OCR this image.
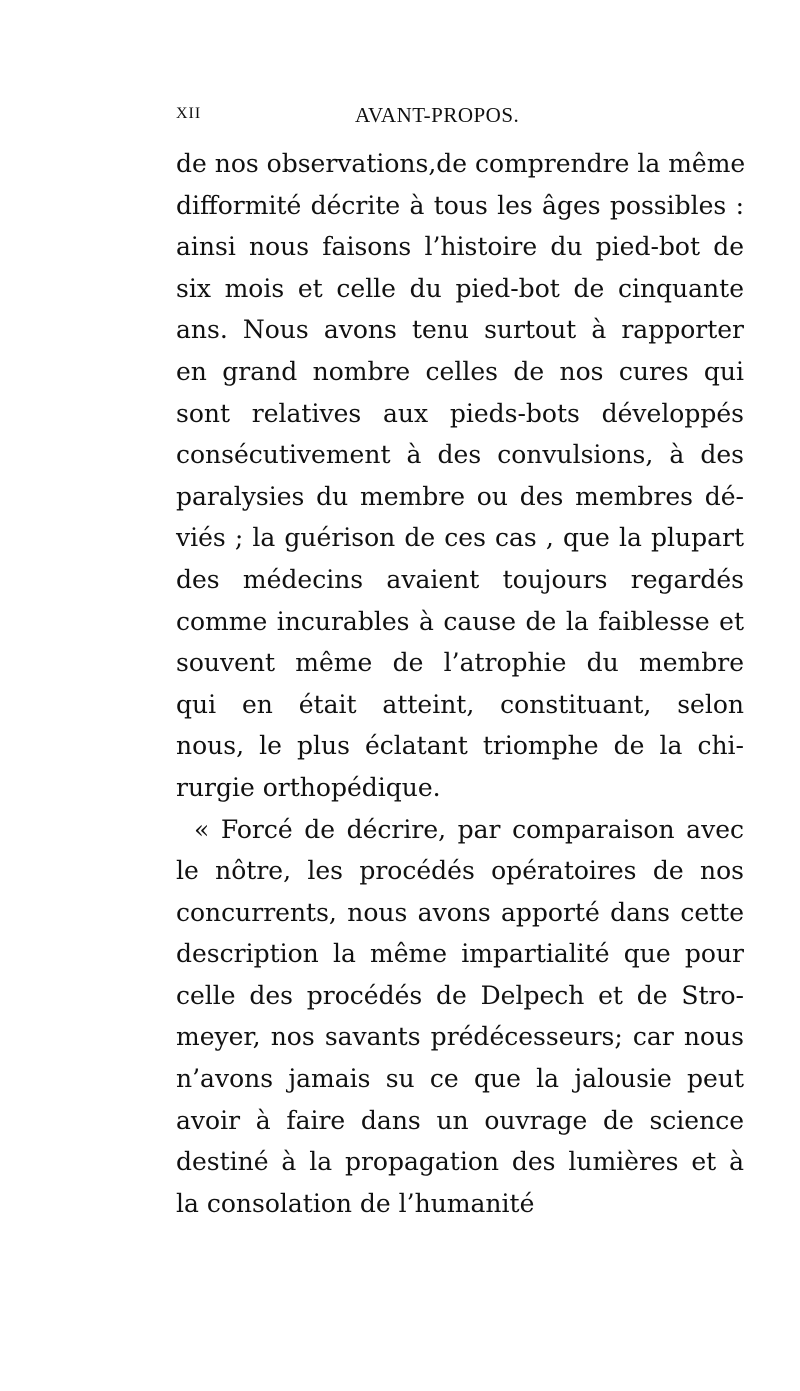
XII	AVANT-PROPOS.
de nos observations,de comprendre la même
difformité décrite à tous les âges possibles :
ainsi nous faisons l’histoire du pied-bot de
six mois et celle du pied-bot de cinquante
ans. Nous avons tenu surtout à rapporter
en grand nombre celles de nos cures qui
sont relatives aux pieds-bots développés
consécutivement à des convulsions, à des
paralysies du membre ou des membres dé-
viés ; la guérison de ces cas , que la plupart
des médecins avaient toujours regardés
comme incurables à cause de la faiblesse et
souvent même de l’atrophie du membre
qui en était atteint, constituant, selon
nous, le plus éclatant triomphe de la chi-
rurgie orthopédique.
« Forcé de décrire, par comparaison avec
le nôtre, les procédés opératoires de nos
concurrents, nous avons apporté dans cette
description la même impartialité que pour
celle des procédés de Delpech et de Stro-
meyer, nos savants prédécesseurs; car nous
n’avons jamais su ce que la jalousie peut
avoir à faire dans un ouvrage de science
destiné à la propagation des lumières et à
la consolation de l’humanité
